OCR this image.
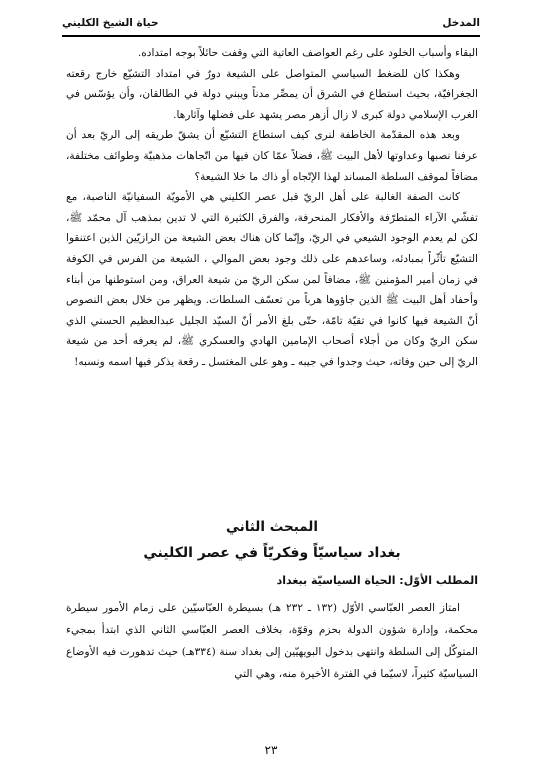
المدخل
حياة الشيخ الكليني

البقاء وأسباب الخلود على رغم العواصف العاتية التي وقفت حائلاً بوجه امتداده.

وهكذا كان للضغط السياسي المتواصل على الشيعة دورٌ في امتداد التشيّع خارج رقعته الجغرافيّة، بحيث استطاع في الشرق أن يمصِّر مدناً ويبني دولة في الطالقان، وأن يؤسّس في الغرب الإسلامي دولة كبرى لا زال أزهر مصر يشهد على فضلها وآثارها.

وبعد هذه المقدّمة الخاطفة لنرى كيف استطاع التشيّع أن يشقّ طريقه إلى الريّ بعد أن عرفنا نصبها وعداوتها لأهل البيت ﷺ، فضلاً عمّا كان فيها من اتّجاهات مذهبيّة وطوائف مختلفة، مضافاً لموقف السلطة المساند لهذا الإتّجاه أو ذاك ما خلا الشيعة؟

كانت الصفة الغالبة على أهل الريّ قبل عصر الكليني هي الأمويّة السفيانيّة الناصبة، مع تفشّي الآراء المتطرّفة والأفكار المنحرفة، والفرق الكثيرة التي لا تدين بمذهب آل محمّد ﷺ، لكن لم يعدم الوجود الشيعي في الريّ، وإنّما كان هناك بعض الشيعة من الرازيّين الذين اعتنقوا التشيّع تأثّراً بمبادئه، وساعدهم على ذلك وجود بعض الموالي ، الشيعة من الفرس في الكوفة في زمان أمير المؤمنين ﷺ، مضافاً لمن سكن الريّ من شيعة العراق، ومن استوطنها من أبناء وأحفاد أهل البيت ﷺ الذين جاؤوها هرباً من تعسّف السلطات. ويظهر من خلال بعض النصوص أنّ الشيعة فيها كانوا في تقيّة تامّة، حتّى بلغ الأمر أنّ السيّد الجليل عبدالعظيم الحسني الذي سكن الريّ وكان من أجلاء أصحاب الإمامين الهادي والعسكري ﷺ، لم يعرفه أحد من شيعة الريّ إلى حين وفاته، حيث وجدوا في جيبه ـ وهو على المغتسل ـ رقعة يذكر فيها اسمه ونسبه!

المبحث الثاني

بغداد سياسيّاً وفكريّاً في عصر الكليني

المطلب الأوّل: الحياة السياسيّة ببغداد

امتاز العصر العبّاسي الأوّل (١٣٢ ـ ٢٣٢ هـ) بسيطرة العبّاسيّين على زمام الأمور سيطرة محكمة، وإدارة شؤون الدولة بحزم وقوّة، بخلاف العصر العبّاسي الثاني الذي ابتدأ بمجيء المتوكّل إلى السلطة وانتهى بدخول البويهيّين إلى بغداد سنة (٣٣٤هـ) حيث تدهورت فيه الأوضاع السياسيّة كثيراً، لاسيّما في الفترة الأخيرة منه، وهي التي

٢٣
